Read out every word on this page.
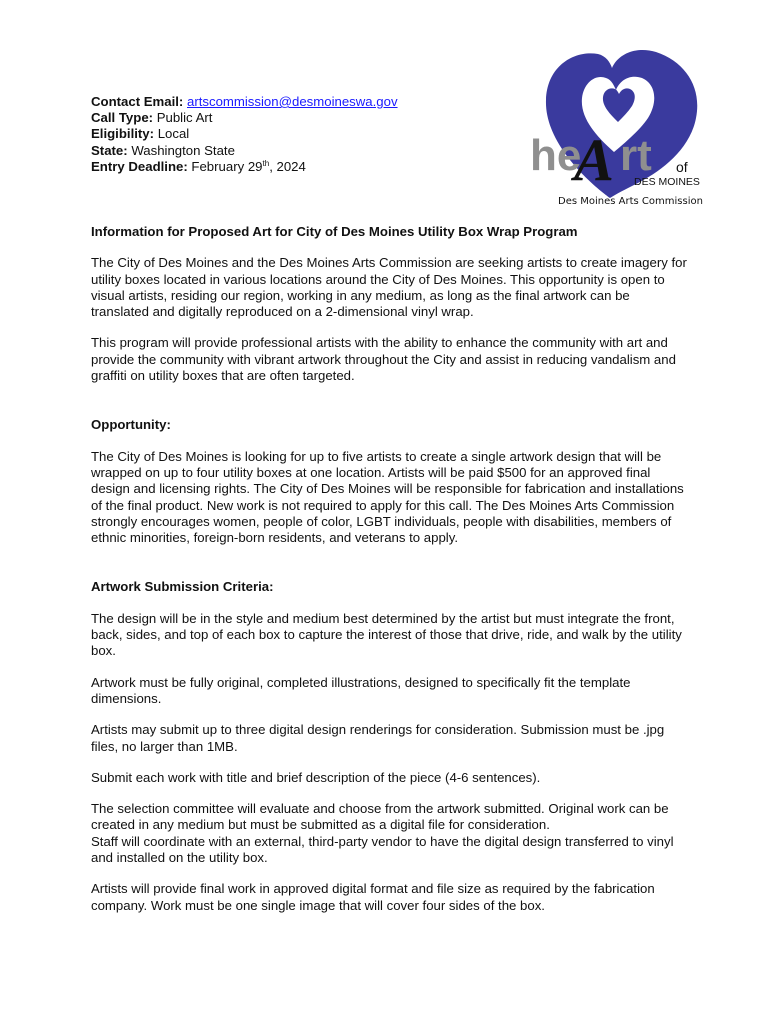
Contact Email: artscommission@desmoineswa.gov
Call Type: Public Art
Eligibility: Local
State: Washington State
Entry Deadline: February 29th, 2024	he
A rt of
DES MOINES
Des Moines Arts Commission
Information for Proposed Art for City of Des Moines Utility Box Wrap Program

The City of Des Moines and the Des Moines Arts Commission are seeking artists to create imagery for utility boxes located in various locations around the City of Des Moines. This opportunity is open to visual artists, residing our region, working in any medium, as long as the final artwork can be translated and digitally reproduced on a 2-dimensional vinyl wrap.

This program will provide professional artists with the ability to enhance the community with art and provide the community with vibrant artwork throughout the City and assist in reducing vandalism and graffiti on utility boxes that are often targeted.

Opportunity:

The City of Des Moines is looking for up to five artists to create a single artwork design that will be wrapped on up to four utility boxes at one location. Artists will be paid $500 for an approved final design and licensing rights. The City of Des Moines will be responsible for fabrication and installations of the final product. New work is not required to apply for this call. The Des Moines Arts Commission strongly encourages women, people of color, LGBT individuals, people with disabilities, members of ethnic minorities, foreign-born residents, and veterans to apply.

Artwork Submission Criteria:

The design will be in the style and medium best determined by the artist but must integrate the front, back, sides, and top of each box to capture the interest of those that drive, ride, and walk by the utility box.

Artwork must be fully original, completed illustrations, designed to specifically fit the template dimensions.

Artists may submit up to three digital design renderings for consideration. Submission must be .jpg files, no larger than 1MB.

Submit each work with title and brief description of the piece (4-6 sentences).

The selection committee will evaluate and choose from the artwork submitted. Original work can be created in any medium but must be submitted as a digital file for consideration.

Staff will coordinate with an external, third-party vendor to have the digital design transferred to vinyl and installed on the utility box.

Artists will provide final work in approved digital format and file size as required by the fabrication company. Work must be one single image that will cover four sides of the box.
